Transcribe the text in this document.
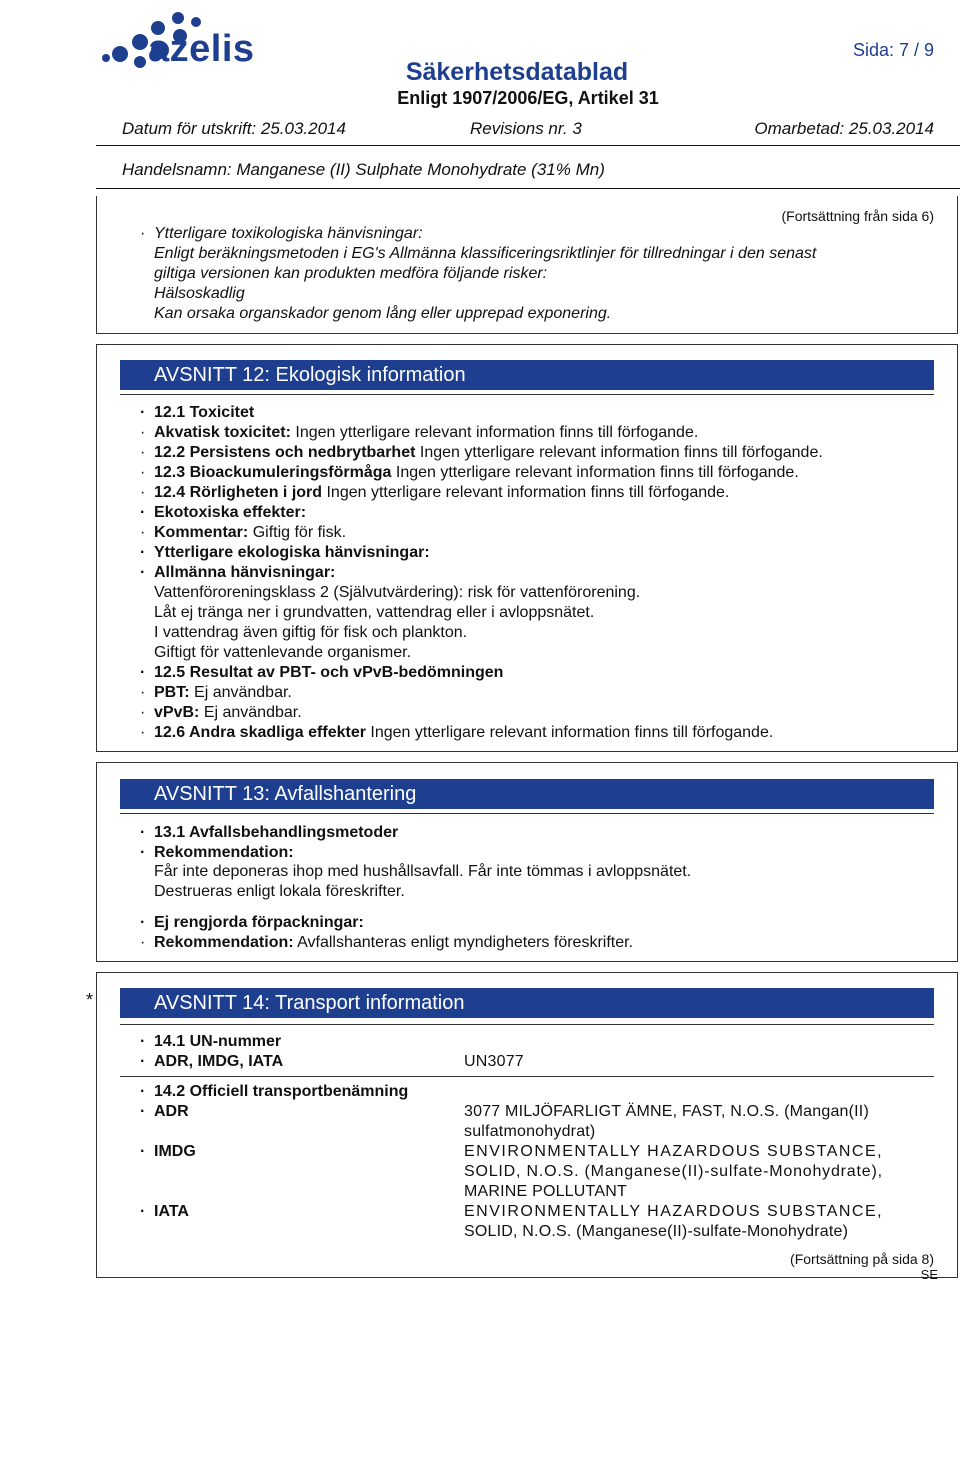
azelis	Sida: 7 / 9
Säkerhetsdatablad
Enligt 1907/2006/EG, Artikel 31
Datum för utskrift: 25.03.2014	Revisions nr. 3	Omarbetad: 25.03.2014
Handelsnamn: Manganese (II) Sulphate Monohydrate (31% Mn)
(Fortsättning från sida 6)
· Ytterligare toxikologiska hänvisningar:
Enligt beräkningsmetoden i EG's Allmänna klassificeringsriktlinjer för tillredningar i den senast
giltiga versionen kan produkten medföra följande risker:
Hälsoskadlig
Kan orsaka organskador genom lång eller upprepad exponering.
AVSNITT 12: Ekologisk information
· 12.1 Toxicitet
· Akvatisk toxicitet: Ingen ytterligare relevant information finns till förfogande.
· 12.2 Persistens och nedbrytbarhet Ingen ytterligare relevant information finns till förfogande.
· 12.3 Bioackumuleringsförmåga Ingen ytterligare relevant information finns till förfogande.
· 12.4 Rörligheten i jord Ingen ytterligare relevant information finns till förfogande.
· Ekotoxiska effekter:
· Kommentar: Giftig för fisk.
· Ytterligare ekologiska hänvisningar:
· Allmänna hänvisningar:
Vattenföroreningsklass 2 (Självutvärdering): risk för vattenförorening.
Låt ej tränga ner i grundvatten, vattendrag eller i avloppsnätet.
I vattendrag även giftig för fisk och plankton.
Giftigt för vattenlevande organismer.
· 12.5 Resultat av PBT- och vPvB-bedömningen
· PBT: Ej användbar.
· vPvB: Ej användbar.
· 12.6 Andra skadliga effekter Ingen ytterligare relevant information finns till förfogande.
AVSNITT 13: Avfallshantering
· 13.1 Avfallsbehandlingsmetoder
· Rekommendation:
Får inte deponeras ihop med hushållsavfall. Får inte tömmas i avloppsnätet.
Destrueras enligt lokala föreskrifter.
· Ej rengjorda förpackningar:
· Rekommendation: Avfallshanteras enligt myndigheters föreskrifter.
*	AVSNITT 14: Transport information
· 14.1 UN-nummer
· ADR, IMDG, IATA	UN3077
· 14.2 Officiell transportbenämning
· ADR	3077 MILJÖFARLIGT ÄMNE, FAST, N.O.S. (Mangan(II)
sulfatmonohydrat)
· IMDG	ENVIRONMENTALLY HAZARDOUS SUBSTANCE,
SOLID, N.O.S. (Manganese(II)-sulfate-Monohydrate),
MARINE POLLUTANT
· IATA	ENVIRONMENTALLY HAZARDOUS SUBSTANCE,
SOLID, N.O.S. (Manganese(II)-sulfate-Monohydrate)
(Fortsättning på sida 8)
SE
